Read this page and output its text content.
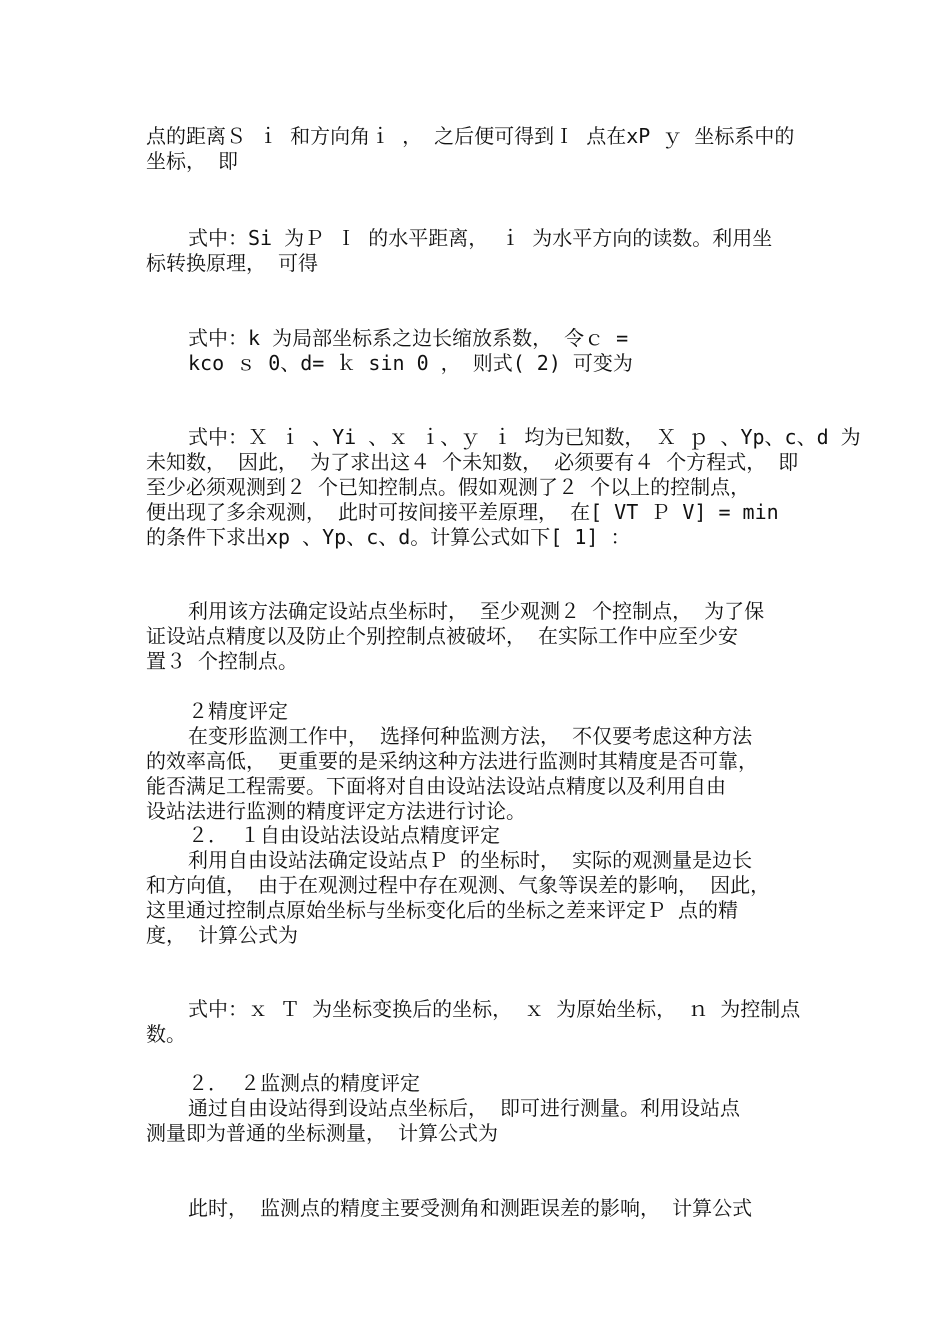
点的距离Ｓ ｉ 和方向角ｉ ， 之后便可得到Ｉ 点在xP ｙ 坐标系中的
坐标， 即
式中：Si 为Ｐ Ｉ 的水平距离， ｉ 为水平方向的读数。利用坐
标转换原理， 可得
式中：k 为局部坐标系之边长缩放系数， 令ｃ =
kco ｓ 0、d= ｋ sin 0 ， 则式( 2) 可变为
式中：Ｘ ｉ 、Yi 、ｘ ｉ、ｙ ｉ 均为已知数， Ｘ ｐ 、Yp、c、d 为
未知数， 因此， 为了求出这４ 个未知数， 必须要有４ 个方程式， 即
至少必须观测到２ 个已知控制点。假如观测了２ 个以上的控制点，
便出现了多余观测， 此时可按间接平差原理， 在[ VT Ｐ V] = min
的条件下求出xp 、Yp、c、d。计算公式如下[ 1] ：
利用该方法确定设站点坐标时， 至少观测２ 个控制点， 为了保
证设站点精度以及防止个别控制点被破坏， 在实际工作中应至少安
置３ 个控制点。
２精度评定
在变形监测工作中， 选择何种监测方法， 不仅要考虑这种方法
的效率高低， 更重要的是采纳这种方法进行监测时其精度是否可靠，
能否满足工程需要。下面将对自由设站法设站点精度以及利用自由
设站法进行监测的精度评定方法进行讨论。
２． １自由设站法设站点精度评定
利用自由设站法确定设站点Ｐ 的坐标时， 实际的观测量是边长
和方向值， 由于在观测过程中存在观测、气象等误差的影响， 因此，
这里通过控制点原始坐标与坐标变化后的坐标之差来评定Ｐ 点的精
度， 计算公式为
式中：ｘ Ｔ 为坐标变换后的坐标， ｘ 为原始坐标， ｎ 为控制点
数。
２． ２监测点的精度评定
通过自由设站得到设站点坐标后， 即可进行测量。利用设站点
测量即为普通的坐标测量， 计算公式为
此时， 监测点的精度主要受测角和测距误差的影响， 计算公式
